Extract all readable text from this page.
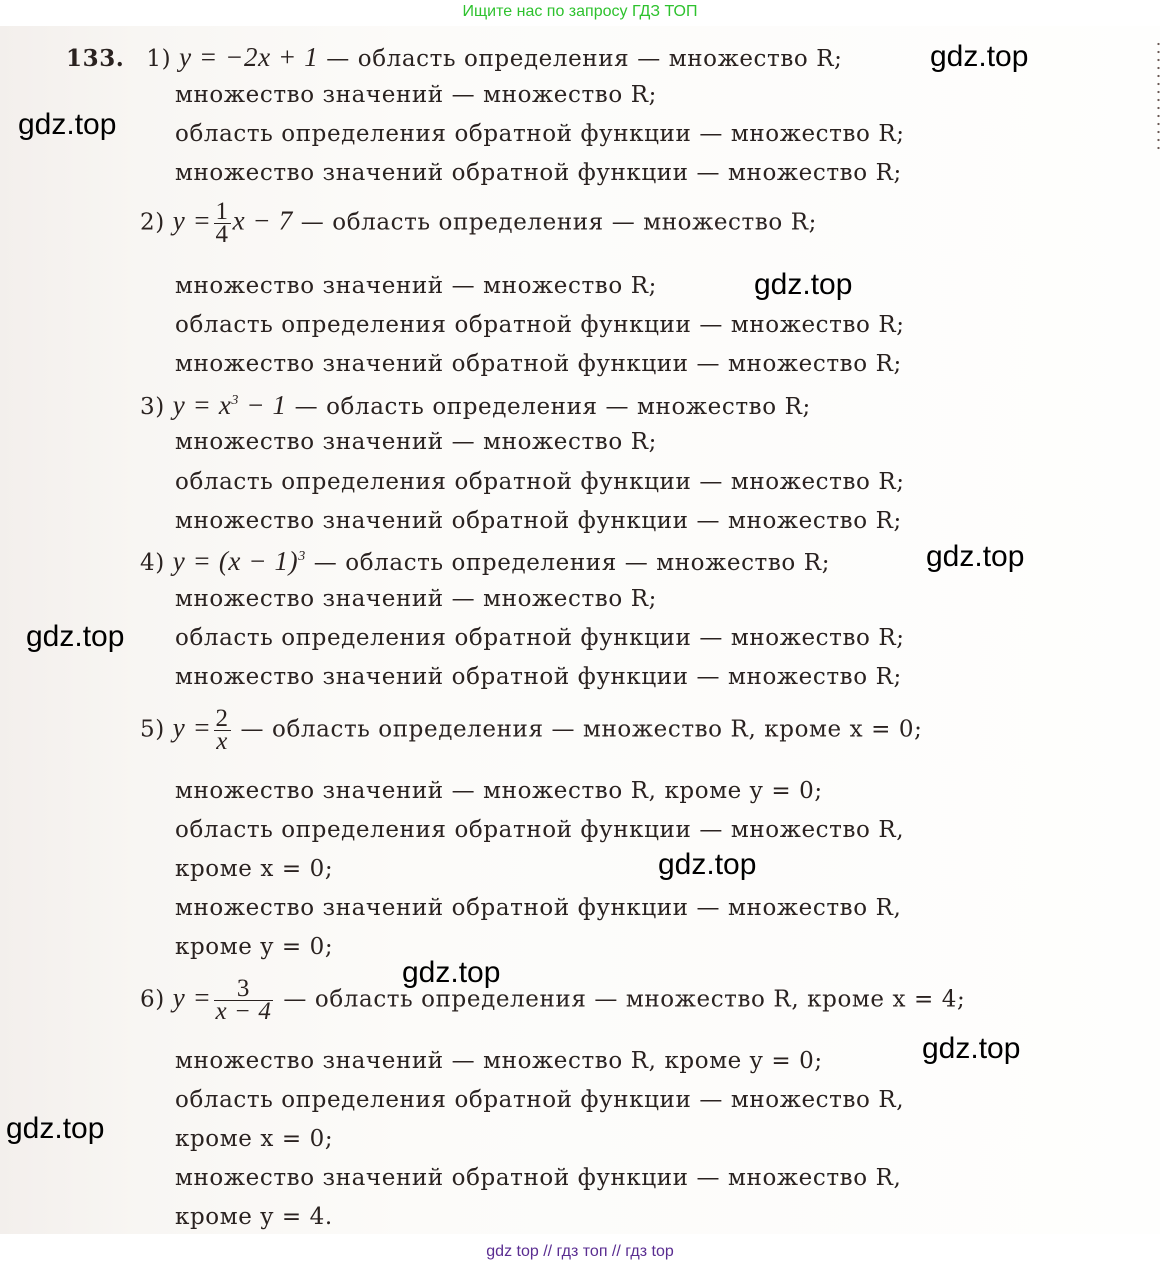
Ищите нас по запросу ГДЗ ТОП
133. 1) y = −2x + 1 — область определения — множество R;
множество значений — множество R;
область определения обратной функции — множество R;
множество значений обратной функции — множество R;
2) $y = \frac{1}{4}$ x − 7 — область определения — множество R;
множество значений — множество R;
область определения обратной функции — множество R;
множество значений обратной функции — множество R;
3) $y = x^3 - 1$ — область определения — множество R;
множество значений — множество R;
область определения обратной функции — множество R;
множество значений обратной функции — множество R;
4) $y = (x - 1)^3$ — область определения — множество R;
множество значений — множество R;
область определения обратной функции — множество R;
множество значений обратной функции — множество R;
5) $y = \frac{2}{x}$ — область определения — множество R, кроме x = 0;
множество значений — множество R, кроме y = 0;
область определения обратной функции — множество R,
кроме x = 0;
множество значений обратной функции — множество R,
кроме y = 0;
6) $y = \frac{3}{x - 4}$ — область определения — множество R, кроме x = 4;
множество значений — множество R, кроме y = 0;
область определения обратной функции — множество R,
кроме x = 0;
множество значений обратной функции — множество R,
кроме y = 4.
gdz.top
gdz.top
gdz.top
gdz.top
gdz.top
gdz.top
gdz.top
gdz.top
gdz.top
gdz top // гдз топ // гдз top
